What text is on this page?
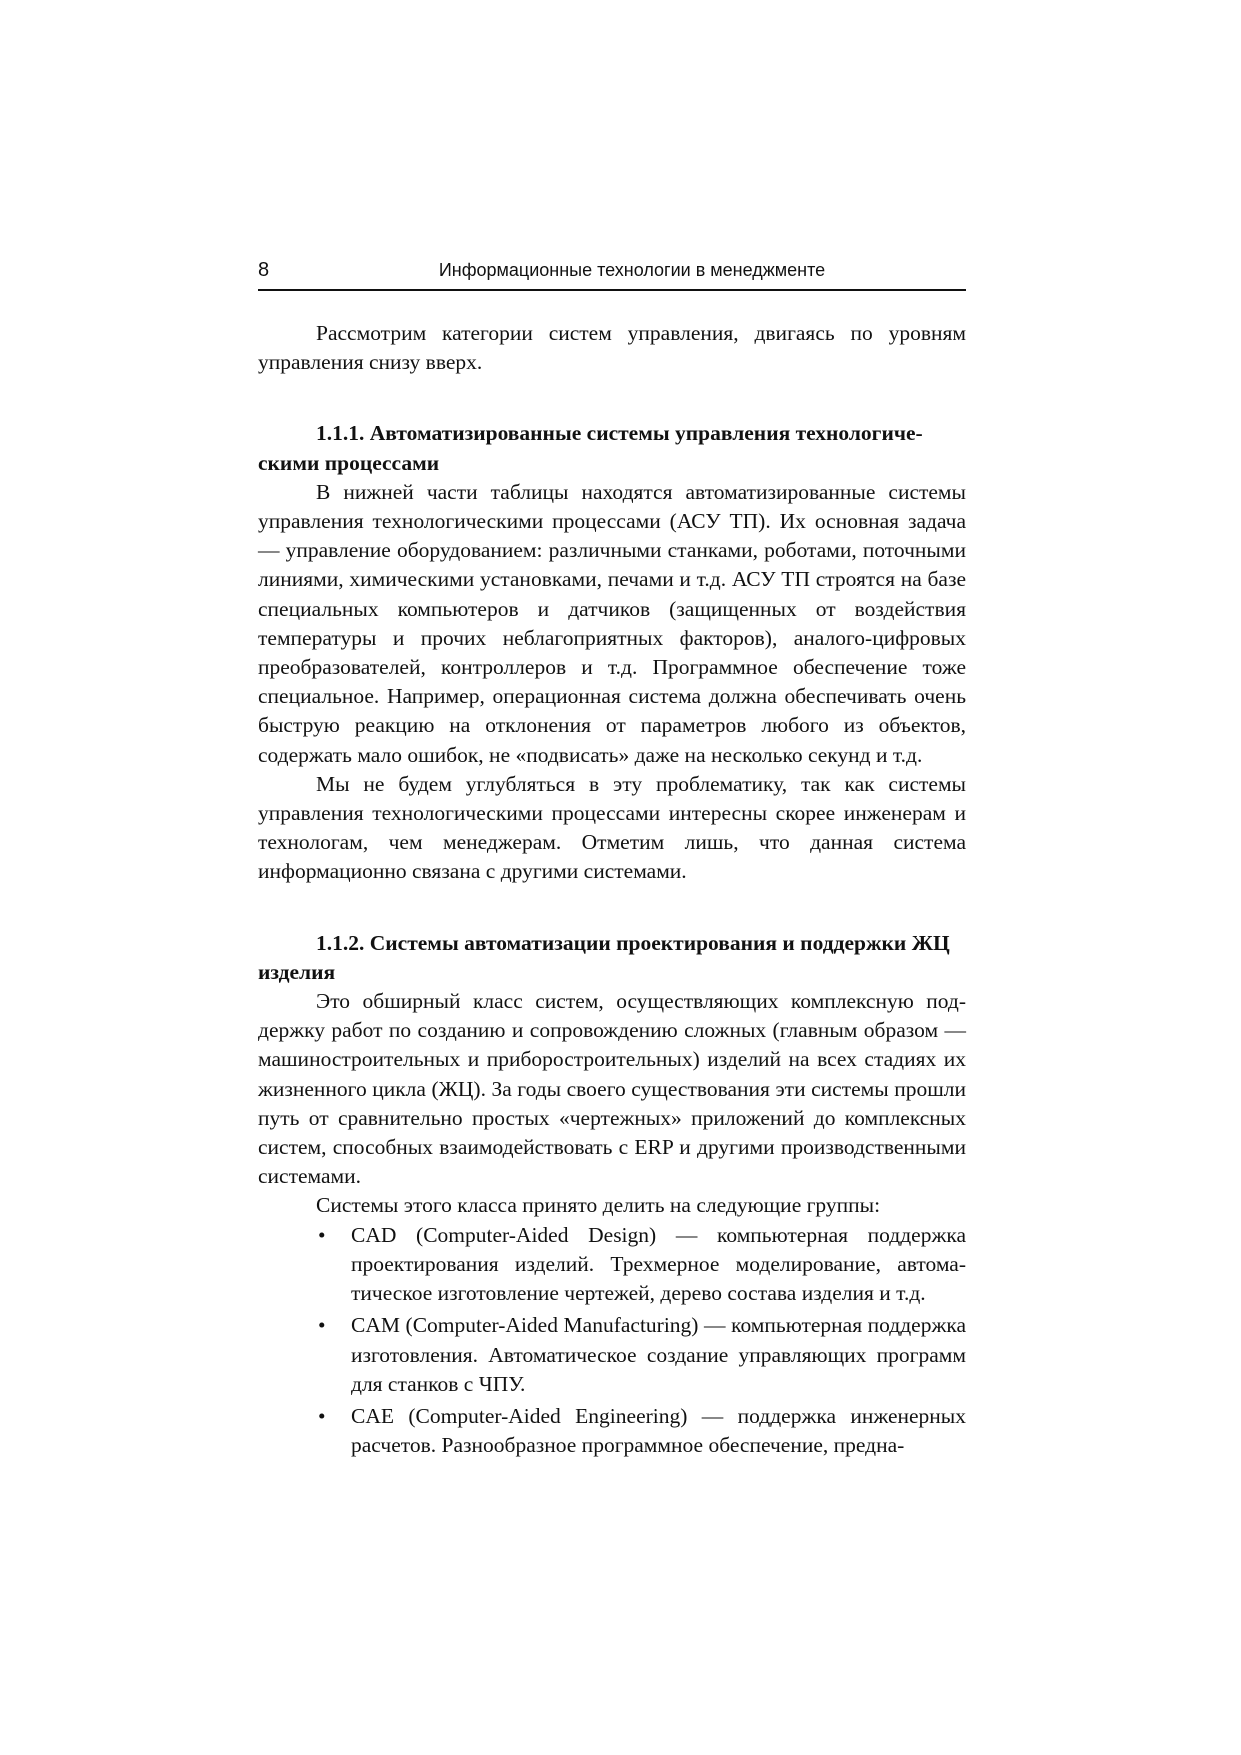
8	Информационные технологии в менеджменте

Рассмотрим категории систем управления, двигаясь по уровням управления снизу вверх.

1.1.1. Автоматизированные системы управления технологическими процессами

В нижней части таблицы находятся автоматизированные системы управления технологическими процессами (АСУ ТП). Их основная задача — управление оборудованием: различными станками, роботами, поточными линиями, химическими установками, печами и т.д. АСУ ТП строятся на базе специальных компьютеров и датчиков (защищенных от воздействия температуры и прочих неблагоприятных факторов), аналого-цифровых преобразователей, контроллеров и т.д. Программное обеспечение тоже специальное. Например, операционная система должна обеспечивать очень быструю реакцию на отклонения от параметров любого из объектов, содержать мало ошибок, не «подвисать» даже на несколько секунд и т.д.

Мы не будем углубляться в эту проблематику, так как системы управления технологическими процессами интересны скорее инженерам и технологам, чем менеджерам. Отметим лишь, что данная система информационно связана с другими системами.

1.1.2. Системы автоматизации проектирования и поддержки ЖЦ изделия

Это обширный класс систем, осуществляющих комплексную поддержку работ по созданию и сопровождению сложных (главным образом — машиностроительных и приборостроительных) изделий на всех стадиях их жизненного цикла (ЖЦ). За годы своего существования эти системы прошли путь от сравнительно простых «чертежных» приложений до комплексных систем, способных взаимодействовать с ERP и другими производственными системами.

Системы этого класса принято делить на следующие группы:

• CAD (Computer-Aided Design) — компьютерная поддержка проектирования изделий. Трехмерное моделирование, автоматическое изготовление чертежей, дерево состава изделия и т.д.
• CAM (Computer-Aided Manufacturing) — компьютерная поддержка изготовления. Автоматическое создание управляющих программ для станков с ЧПУ.
• CAE (Computer-Aided Engineering) — поддержка инженерных расчетов. Разнообразное программное обеспечение, предна-
